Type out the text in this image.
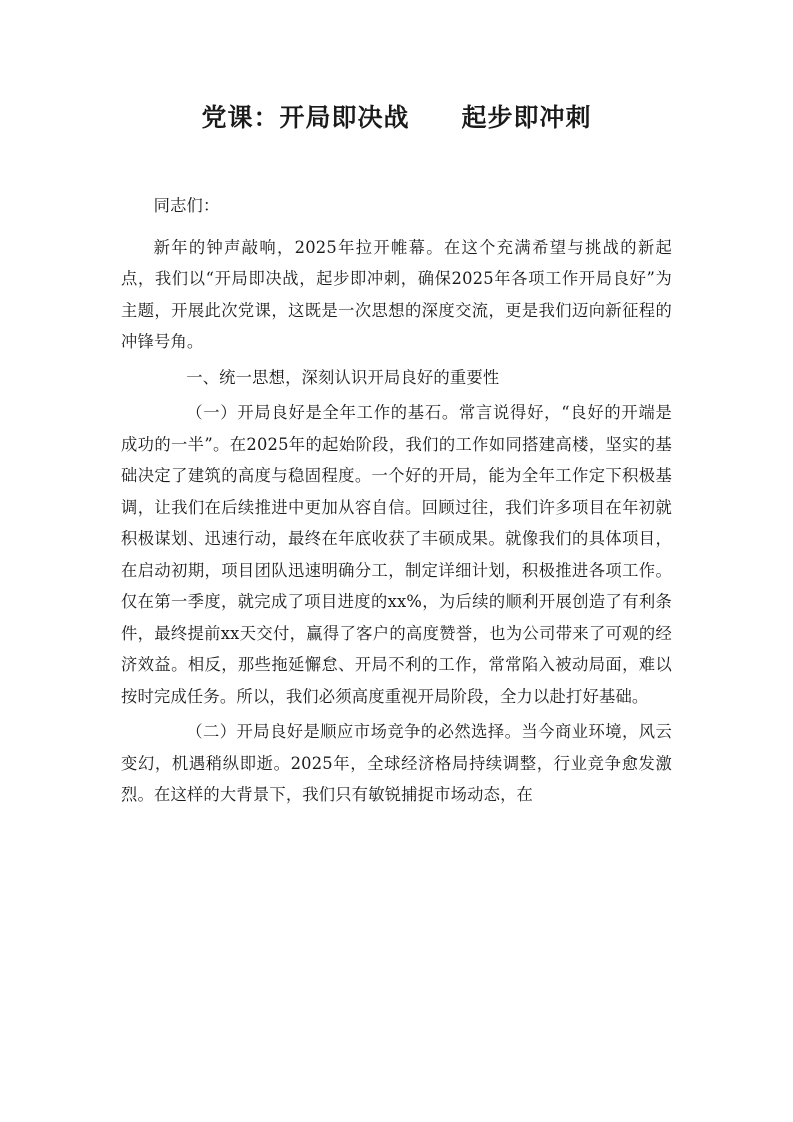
党课：开局即决战　　起步即冲刺

同志们：

新年的钟声敲响，2025年拉开帷幕。在这个充满希望与挑战的新起点，我们以“开局即决战，起步即冲刺，确保2025年各项工作开局良好”为主题，开展此次党课，这既是一次思想的深度交流，更是我们迈向新征程的冲锋号角。

一、统一思想，深刻认识开局良好的重要性

（一）开局良好是全年工作的基石。常言说得好，“良好的开端是成功的一半”。在2025年的起始阶段，我们的工作如同搭建高楼，坚实的基础决定了建筑的高度与稳固程度。一个好的开局，能为全年工作定下积极基调，让我们在后续推进中更加从容自信。回顾过往，我们许多项目在年初就积极谋划、迅速行动，最终在年底收获了丰硕成果。就像我们的具体项目，在启动初期，项目团队迅速明确分工，制定详细计划，积极推进各项工作。仅在第一季度，就完成了项目进度的xx%，为后续的顺利开展创造了有利条件，最终提前xx天交付，赢得了客户的高度赞誉，也为公司带来了可观的经济效益。相反，那些拖延懈怠、开局不利的工作，常常陷入被动局面，难以按时完成任务。所以，我们必须高度重视开局阶段，全力以赴打好基础。

（二）开局良好是顺应市场竞争的必然选择。当今商业环境，风云变幻，机遇稍纵即逝。2025年，全球经济格局持续调整，行业竞争愈发激烈。在这样的大背景下，我们只有敏锐捕捉市场动态，在
